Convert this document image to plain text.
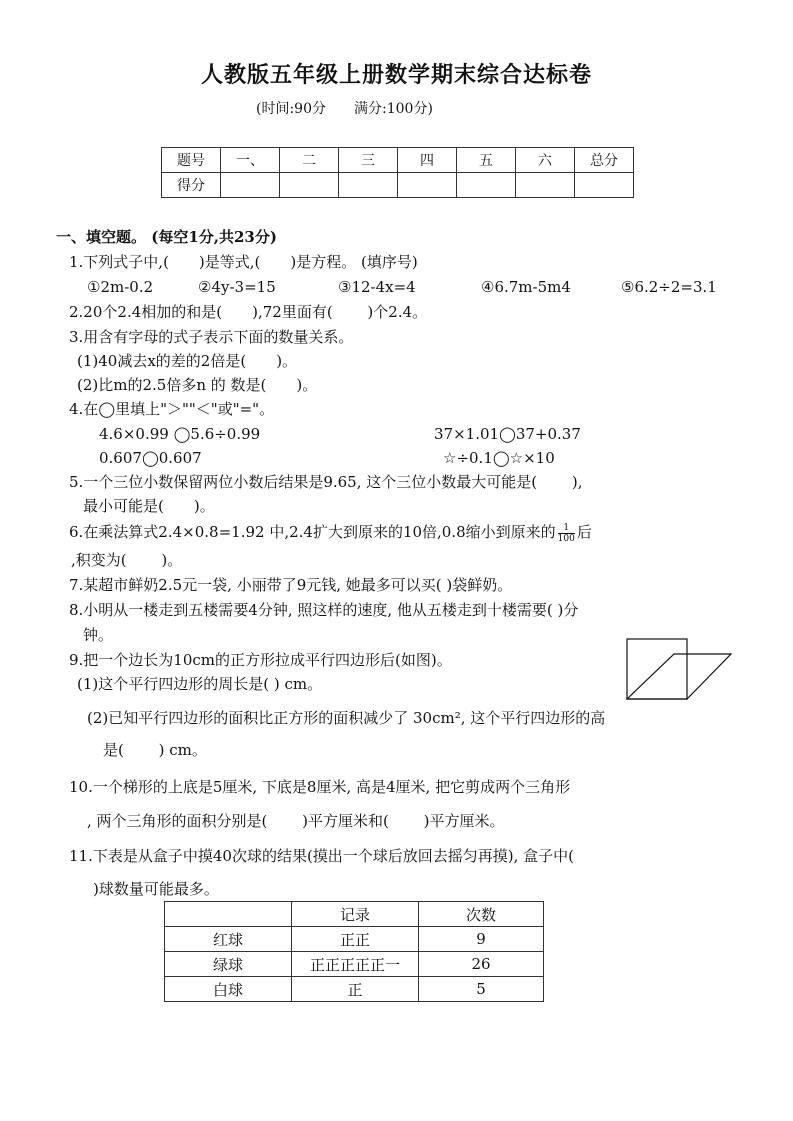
人教版五年级上册数学期末综合达标卷
(时间:90分 满分:100分)
题号	一、	二	三	四	五	六	总分
得分							
一、填空题。 (每空1分,共23分)
1.下列式子中,(　　)是等式,(　　)是方程。 (填序号)
①2m-0.2	②4y-3=15	③12-4x=4	④6.7m-5m4	⑤6.2÷2=3.1
2.20个2.4相加的和是(　　),72里面有(　　 )个2.4。
3.用含有字母的式子表示下面的数量关系。
(1)40减去x的差的2倍是(　　)。
(2)比m的2.5倍多n 的 数是(　　)。
4.在◯里填上"＞""＜"或"="。
4.6×0.99 ◯5.6÷0.99	37×1.01◯37+0.37
0.607◯0.607	☆÷0.1◯☆×10
5.一个三位小数保留两位小数后结果是9.65, 这个三位小数最大可能是(　　 ),
最小可能是(　　)。
6.在乘法算式2.4×0.8=1.92 中,2.4扩大到原来的10倍,0.8缩小到原来的 $\frac{1}{100}$ 后
,积变为(　　 )。
7.某超市鲜奶2.5元一袋, 小丽带了9元钱, 她最多可以买( )袋鲜奶。
8.小明从一楼走到五楼需要4分钟, 照这样的速度, 他从五楼走到十楼需要( )分
钟。
9.把一个边长为10cm的正方形拉成平行四边形后(如图)。
(1)这个平行四边形的周长是( ) cm。
(2)已知平行四边形的面积比正方形的面积减少了 30cm², 这个平行四边形的高
是(　　 ) cm。
10.一个梯形的上底是5厘米, 下底是8厘米, 高是4厘米, 把它剪成两个三角形
, 两个三角形的面积分别是(　　 )平方厘米和(　　 )平方厘米。
11.下表是从盒子中摸40次球的结果(摸出一个球后放回去摇匀再摸), 盒子中(
)球数量可能最多。
	记录	次数
红球	正正	9
绿球	正正正正正一	26
白球	正	5
